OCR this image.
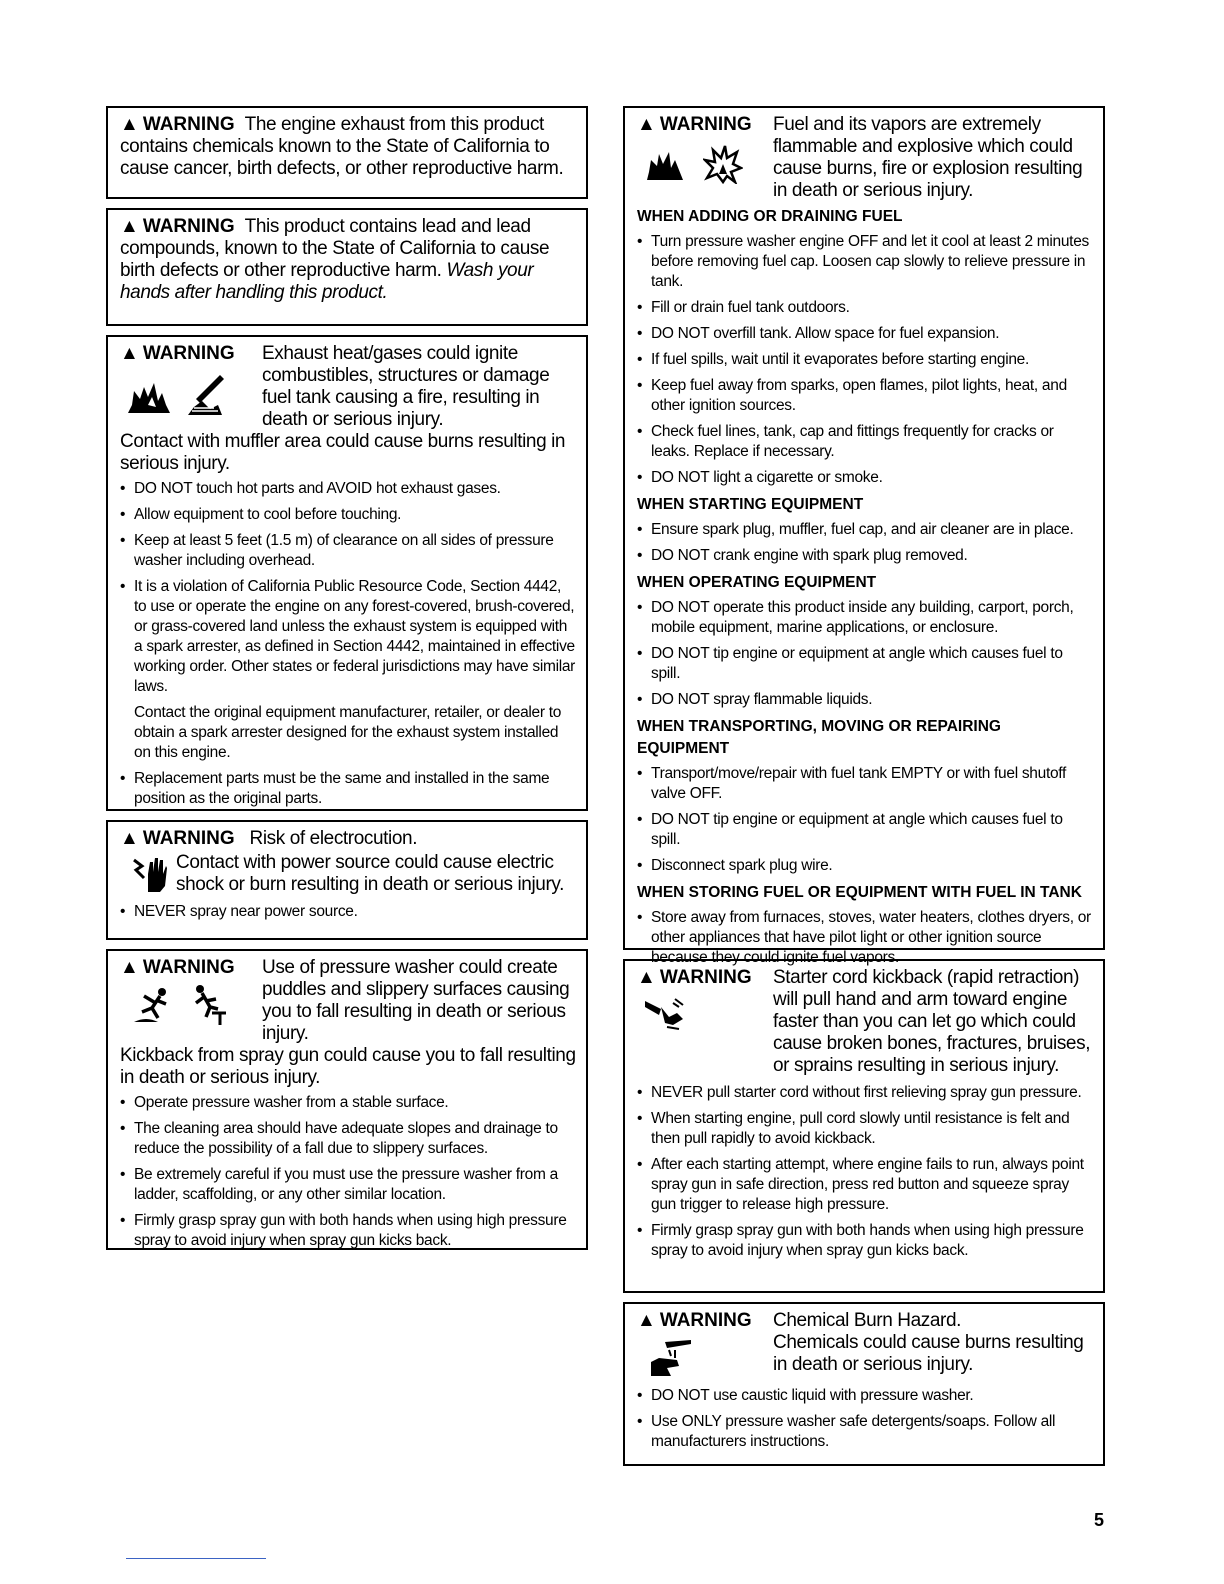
▲ WARNING The engine exhaust from this product contains chemicals known to the State of California to cause cancer, birth defects, or other reproductive harm.
▲ WARNING This product contains lead and lead compounds, known to the State of California to cause birth defects or other reproductive harm. Wash your hands after handling this product.
▲ WARNING	Exhaust heat/gases could ignite combustibles, structures or damage fuel tank causing a fire, resulting in death or serious injury.
Contact with muffler area could cause burns resulting in serious injury.
• DO NOT touch hot parts and AVOID hot exhaust gases.
• Allow equipment to cool before touching.
• Keep at least 5 feet (1.5 m) of clearance on all sides of pressure washer including overhead.
• It is a violation of California Public Resource Code, Section 4442, to use or operate the engine on any forest-covered, brush-covered, or grass-covered land unless the exhaust system is equipped with a spark arrester, as defined in Section 4442, maintained in effective working order. Other states or federal jurisdictions may have similar laws.
Contact the original equipment manufacturer, retailer, or dealer to obtain a spark arrester designed for the exhaust system installed on this engine.
• Replacement parts must be the same and installed in the same position as the original parts.
▲ WARNING Risk of electrocution.
Contact with power source could cause electric shock or burn resulting in death or serious injury.
• NEVER spray near power source.
▲ WARNING	Use of pressure washer could create puddles and slippery surfaces causing you to fall resulting in death or serious injury.
Kickback from spray gun could cause you to fall resulting in death or serious injury.
• Operate pressure washer from a stable surface.
• The cleaning area should have adequate slopes and drainage to reduce the possibility of a fall due to slippery surfaces.
• Be extremely careful if you must use the pressure washer from a ladder, scaffolding, or any other similar location.
• Firmly grasp spray gun with both hands when using high pressure spray to avoid injury when spray gun kicks back.
▲ WARNING	Fuel and its vapors are extremely flammable and explosive which could cause burns, fire or explosion resulting in death or serious injury.
WHEN ADDING OR DRAINING FUEL
• Turn pressure washer engine OFF and let it cool at least 2 minutes before removing fuel cap. Loosen cap slowly to relieve pressure in tank.
• Fill or drain fuel tank outdoors.
• DO NOT overfill tank. Allow space for fuel expansion.
• If fuel spills, wait until it evaporates before starting engine.
• Keep fuel away from sparks, open flames, pilot lights, heat, and other ignition sources.
• Check fuel lines, tank, cap and fittings frequently for cracks or leaks. Replace if necessary.
• DO NOT light a cigarette or smoke.
WHEN STARTING EQUIPMENT
• Ensure spark plug, muffler, fuel cap, and air cleaner are in place.
• DO NOT crank engine with spark plug removed.
WHEN OPERATING EQUIPMENT
• DO NOT operate this product inside any building, carport, porch, mobile equipment, marine applications, or enclosure.
• DO NOT tip engine or equipment at angle which causes fuel to spill.
• DO NOT spray flammable liquids.
WHEN TRANSPORTING, MOVING OR REPAIRING EQUIPMENT
• Transport/move/repair with fuel tank EMPTY or with fuel shutoff valve OFF.
• DO NOT tip engine or equipment at angle which causes fuel to spill.
• Disconnect spark plug wire.
WHEN STORING FUEL OR EQUIPMENT WITH FUEL IN TANK
• Store away from furnaces, stoves, water heaters, clothes dryers, or other appliances that have pilot light or other ignition source because they could ignite fuel vapors.
▲ WARNING Starter cord kickback (rapid retraction) will pull hand and arm toward engine faster than you can let go which could cause broken bones, fractures, bruises, or sprains resulting in serious injury.
• NEVER pull starter cord without first relieving spray gun pressure.
• When starting engine, pull cord slowly until resistance is felt and then pull rapidly to avoid kickback.
• After each starting attempt, where engine fails to run, always point spray gun in safe direction, press red button and squeeze spray gun trigger to release high pressure.
• Firmly grasp spray gun with both hands when using high pressure spray to avoid injury when spray gun kicks back.
▲ WARNING Chemical Burn Hazard.
Chemicals could cause burns resulting in death or serious injury.
• DO NOT use caustic liquid with pressure washer.
• Use ONLY pressure washer safe detergents/soaps. Follow all manufacturers instructions.
5
